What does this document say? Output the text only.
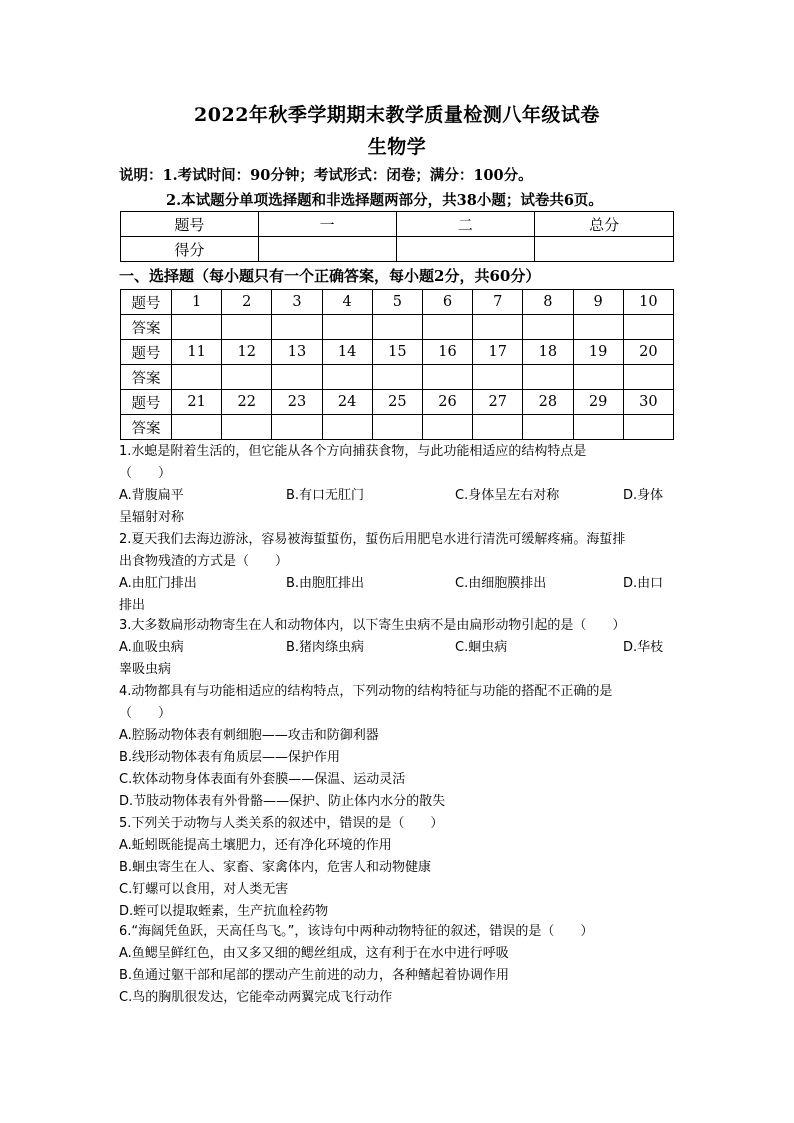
2022年秋季学期期末教学质量检测八年级试卷
生物学
说明：1.考试时间：90分钟；考试形式：闭卷；满分：100分。
2.本试题分单项选择题和非选择题两部分，共38小题；试卷共6页。
题号	一	二	总分
得分			
一、选择题（每小题只有一个正确答案，每小题2分，共60分）
题号	1	2	3	4	5	6	7	8	9	10
答案										
题号	11	12	13	14	15	16	17	18	19	20
答案										
题号	21	22	23	24	25	26	27	28	29	30
答案										
1.水螅是附着生活的，但它能从各个方向捕获食物，与此功能相适应的结构特点是
（　　）
A.背腹扁平	B.有口无肛门	C.身体呈左右对称	D.身体
呈辐射对称
2.夏天我们去海边游泳，容易被海蜇蜇伤，蜇伤后用肥皂水进行清洗可缓解疼痛。海蜇排
出食物残渣的方式是（　　）
A.由肛门排出	B.由胞肛排出	C.由细胞膜排出	D.由口
排出
3.大多数扁形动物寄生在人和动物体内，以下寄生虫病不是由扁形动物引起的是（　　）
A.血吸虫病	B.猪肉绦虫病	C.蛔虫病	D.华枝
睾吸虫病
4.动物都具有与功能相适应的结构特点，下列动物的结构特征与功能的搭配不正确的是
（　　）
A.腔肠动物体表有刺细胞——攻击和防御利器
B.线形动物体表有角质层——保护作用
C.软体动物身体表面有外套膜——保温、运动灵活
D.节肢动物体表有外骨骼——保护、防止体内水分的散失
5.下列关于动物与人类关系的叙述中，错误的是（　　）
A.蚯蚓既能提高土壤肥力，还有净化环境的作用
B.蛔虫寄生在人、家畜、家禽体内，危害人和动物健康
C.钉螺可以食用，对人类无害
D.蛭可以提取蛭素，生产抗血栓药物
6.“海阔凭鱼跃，天高任鸟飞。”，该诗句中两种动物特征的叙述，错误的是（　　）
A.鱼鳃呈鲜红色，由又多又细的鳃丝组成，这有利于在水中进行呼吸
B.鱼通过躯干部和尾部的摆动产生前进的动力，各种鳍起着协调作用
C.鸟的胸肌很发达，它能牵动两翼完成飞行动作
